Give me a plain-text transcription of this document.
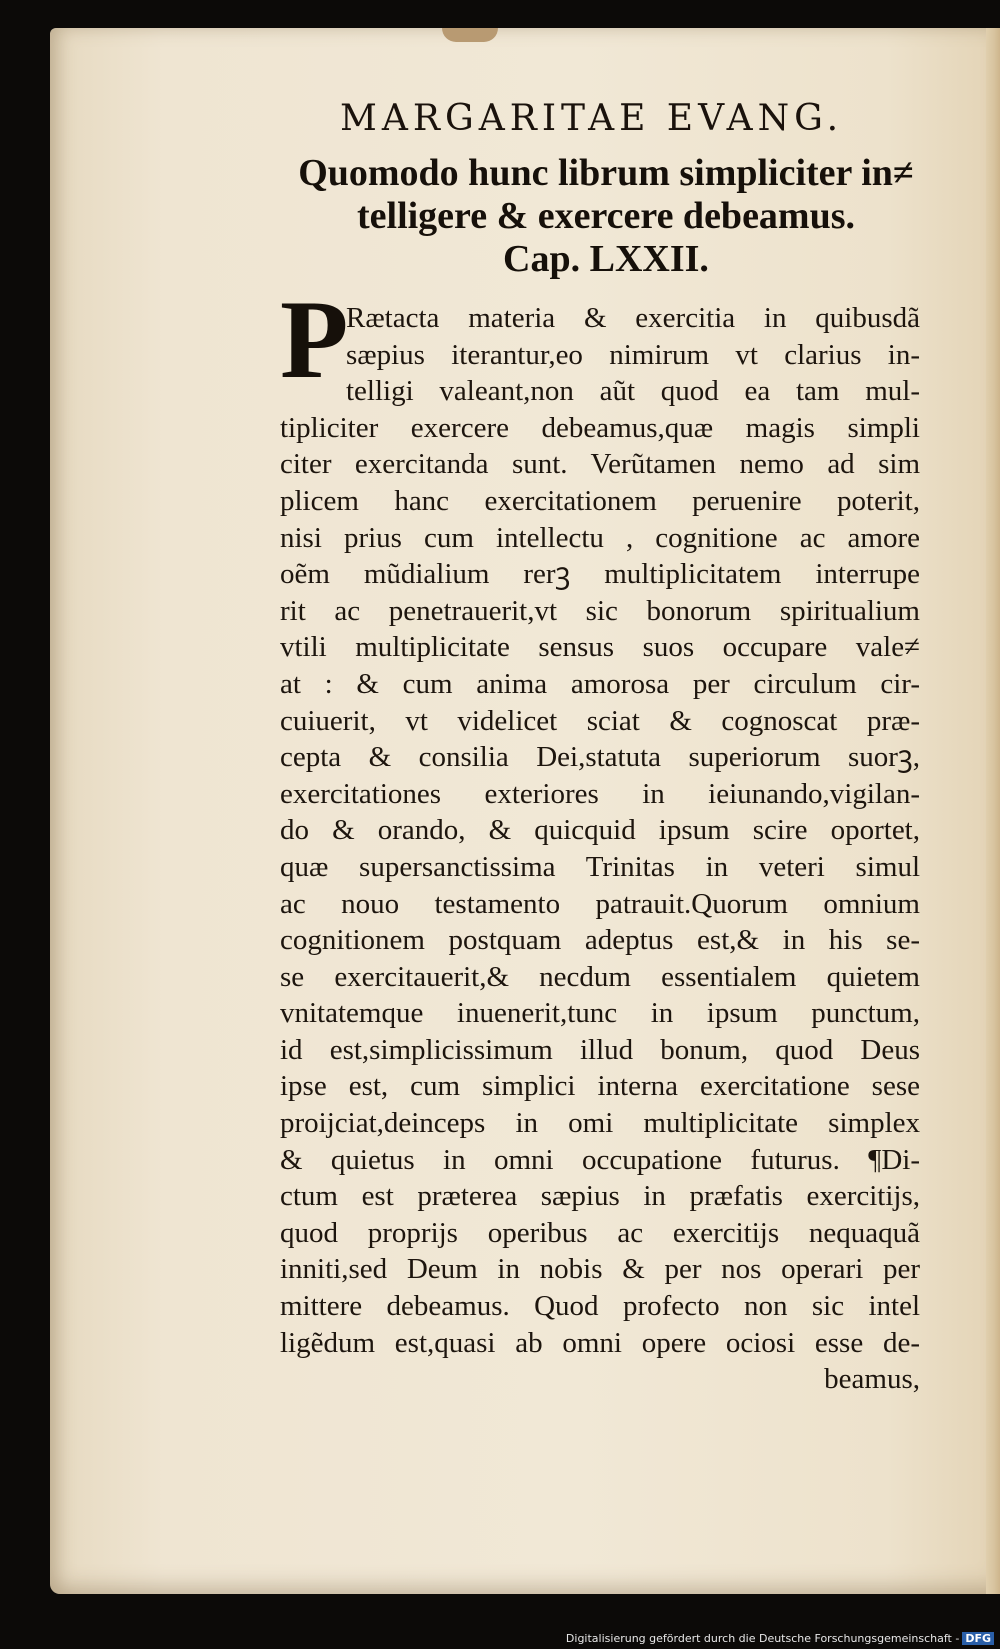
MARGARITAE EVANG.
Quomodo hunc librum simpliciter in≠
telligere & exercere debeamus.
Cap. LXXII.
P
Rætacta materia & exercitia in quibusdã
sæpius iterantur,eo nimirum vt clarius in-
telligi valeant,non aũt quod ea tam mul-
tipliciter exercere debeamus,quæ magis simpli
citer exercitanda sunt. Verũtamen nemo ad sim
plicem hanc exercitationem peruenire poterit,
nisi prius cum intellectu , cognitione ac amore
oẽm mũdialium rerꝫ multiplicitatem interrupe
rit ac penetrauerit,vt sic bonorum spiritualium
vtili multiplicitate sensus suos occupare vale≠
at : & cum anima amorosa per circulum cir-
cuiuerit, vt videlicet sciat & cognoscat præ-
cepta & consilia Dei,statuta superiorum suorꝫ,
exercitationes exteriores in ieiunando,vigilan-
do & orando, & quicquid ipsum scire oportet,
quæ supersanctissima Trinitas in veteri simul
ac nouo testamento patrauit.Quorum omnium
cognitionem postquam adeptus est,& in his se-
se exercitauerit,& necdum essentialem quietem
vnitatemque inuenerit,tunc in ipsum punctum,
id est,simplicissimum illud bonum, quod Deus
ipse est, cum simplici interna exercitatione sese
proijciat,deinceps in omi multiplicitate simplex
& quietus in omni occupatione futurus. ¶Di-
ctum est præterea sæpius in præfatis exercitijs,
quod proprijs operibus ac exercitijs nequaquã
inniti,sed Deum in nobis & per nos operari per
mittere debeamus. Quod profecto non sic intel
ligẽdum est,quasi ab omni opere ociosi esse de-
beamus,
Digitalisierung gefördert durch die Deutsche Forschungsgemeinschaft - DFG
